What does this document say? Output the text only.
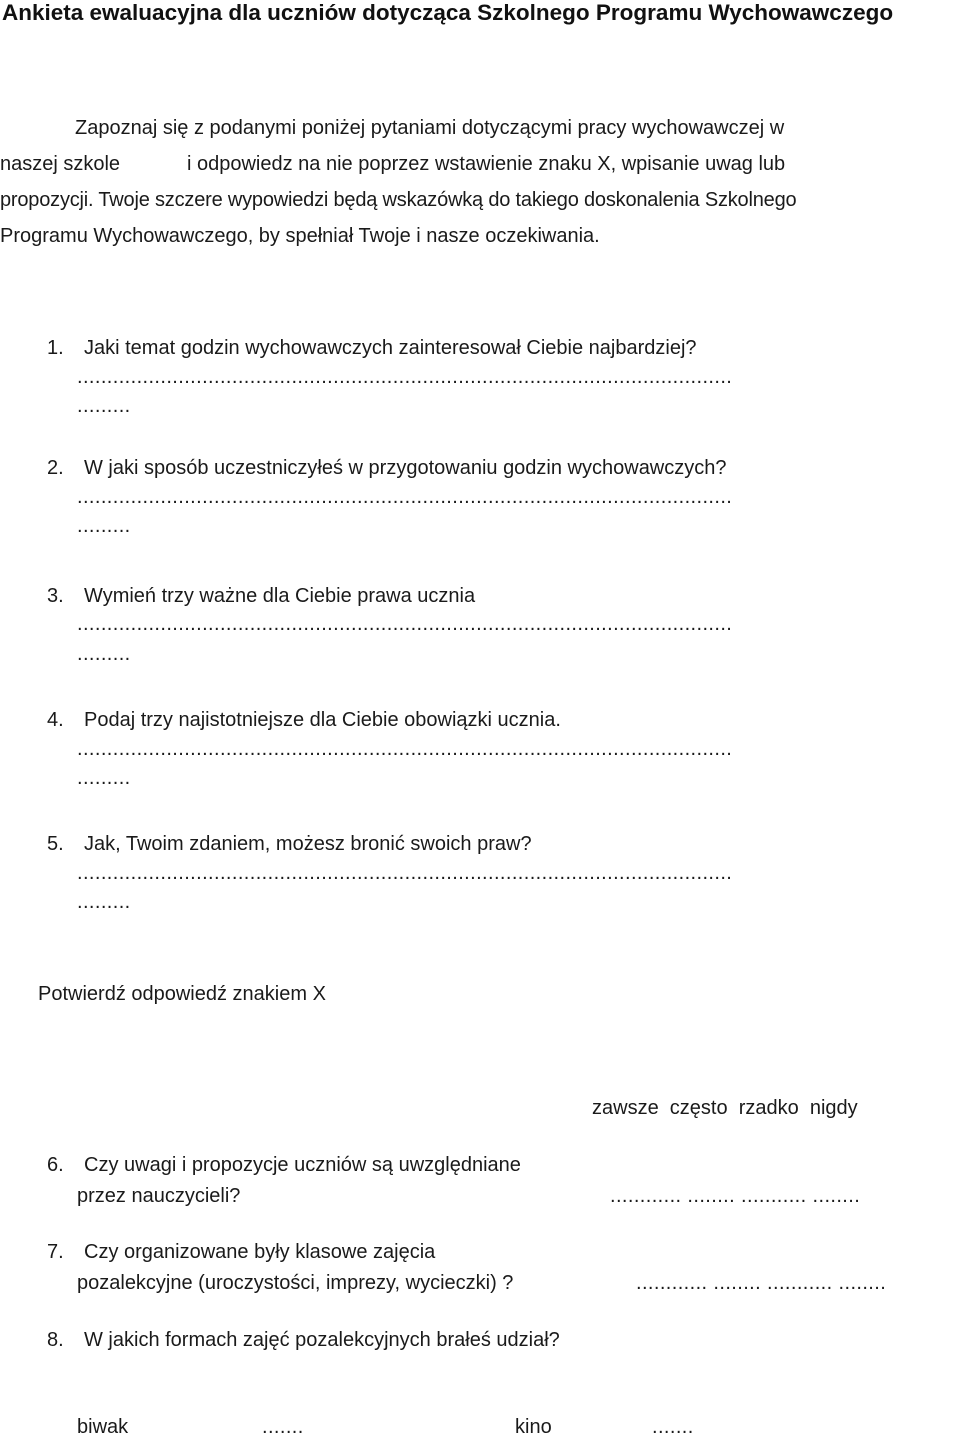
Ankieta ewaluacyjna dla uczniów dotycząca Szkolnego Programu Wychowawczego
Zapoznaj się z podanymi poniżej pytaniami dotyczącymi pracy wychowawczej w
naszej szkole	i odpowiedz na nie poprzez wstawienie znaku X, wpisanie uwag lub
propozycji. Twoje szczere wypowiedzi będą wskazówką do takiego doskonalenia Szkolnego
Programu Wychowawczego, by spełniał Twoje i nasze oczekiwania.
1. Jaki temat godzin wychowawczych zainteresował Ciebie najbardziej?
..............................................................................................................
.........
2. W jaki sposób uczestniczyłeś w przygotowaniu godzin wychowawczych?
..............................................................................................................
.........
3. Wymień trzy ważne dla Ciebie prawa ucznia
..............................................................................................................
.........
4. Podaj trzy najistotniejsze dla Ciebie obowiązki ucznia.
..............................................................................................................
.........
5. Jak, Twoim zdaniem, możesz bronić swoich praw?
..............................................................................................................
.........
Potwierdź odpowiedź znakiem X
zawsze  często  rzadko  nigdy
6. Czy uwagi i propozycje uczniów są uwzględniane
przez nauczycieli?	............ ........ ........... ........
7. Czy organizowane były klasowe zajęcia
pozalekcyjne (uroczystości, imprezy, wycieczki) ?	............ ........ ........... ........
8. W jakich formach zajęć pozalekcyjnych brałeś udział?
biwak	.......	kino	.......
